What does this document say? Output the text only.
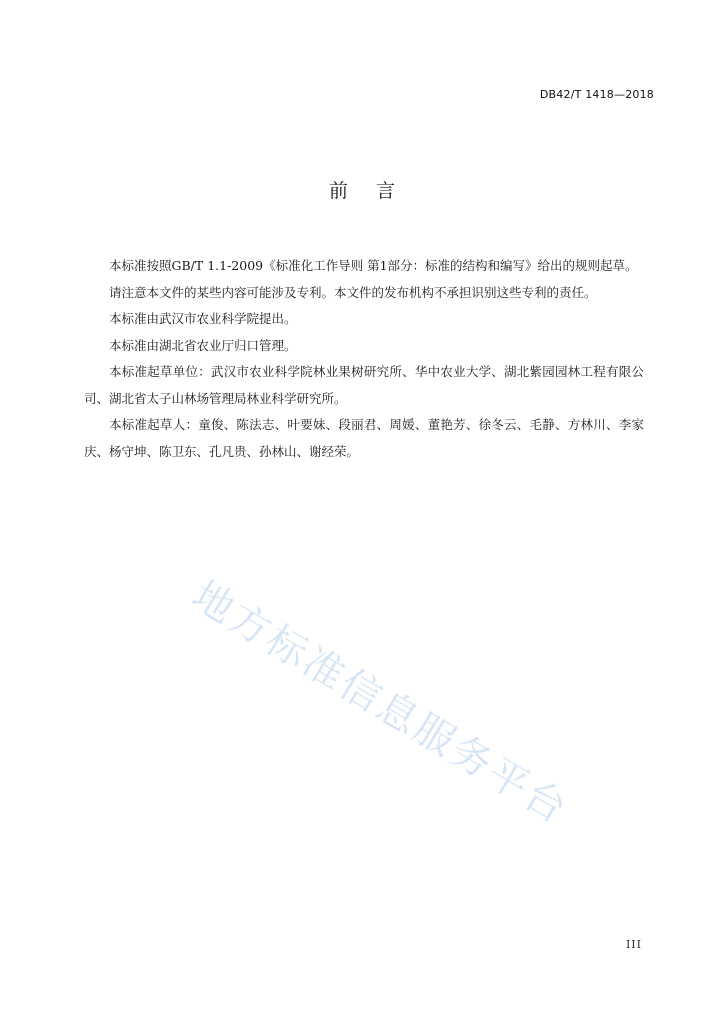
DB42/T 1418—2018
前言

本标准按照GB/T 1.1-2009《标准化工作导则 第1部分：标准的结构和编写》给出的规则起草。

请注意本文件的某些内容可能涉及专利。本文件的发布机构不承担识别这些专利的责任。

本标准由武汉市农业科学院提出。

本标准由湖北省农业厅归口管理。

本标准起草单位：武汉市农业科学院林业果树研究所、华中农业大学、湖北紫园园林工程有限公司、湖北省太子山林场管理局林业科学研究所。

本标准起草人：童俊、陈法志、叶要妹、段丽君、周媛、董艳芳、徐冬云、毛静、方林川、李家庆、杨守坤、陈卫东、孔凡贵、孙林山、谢经荣。

地方标准信息服务平台
III
